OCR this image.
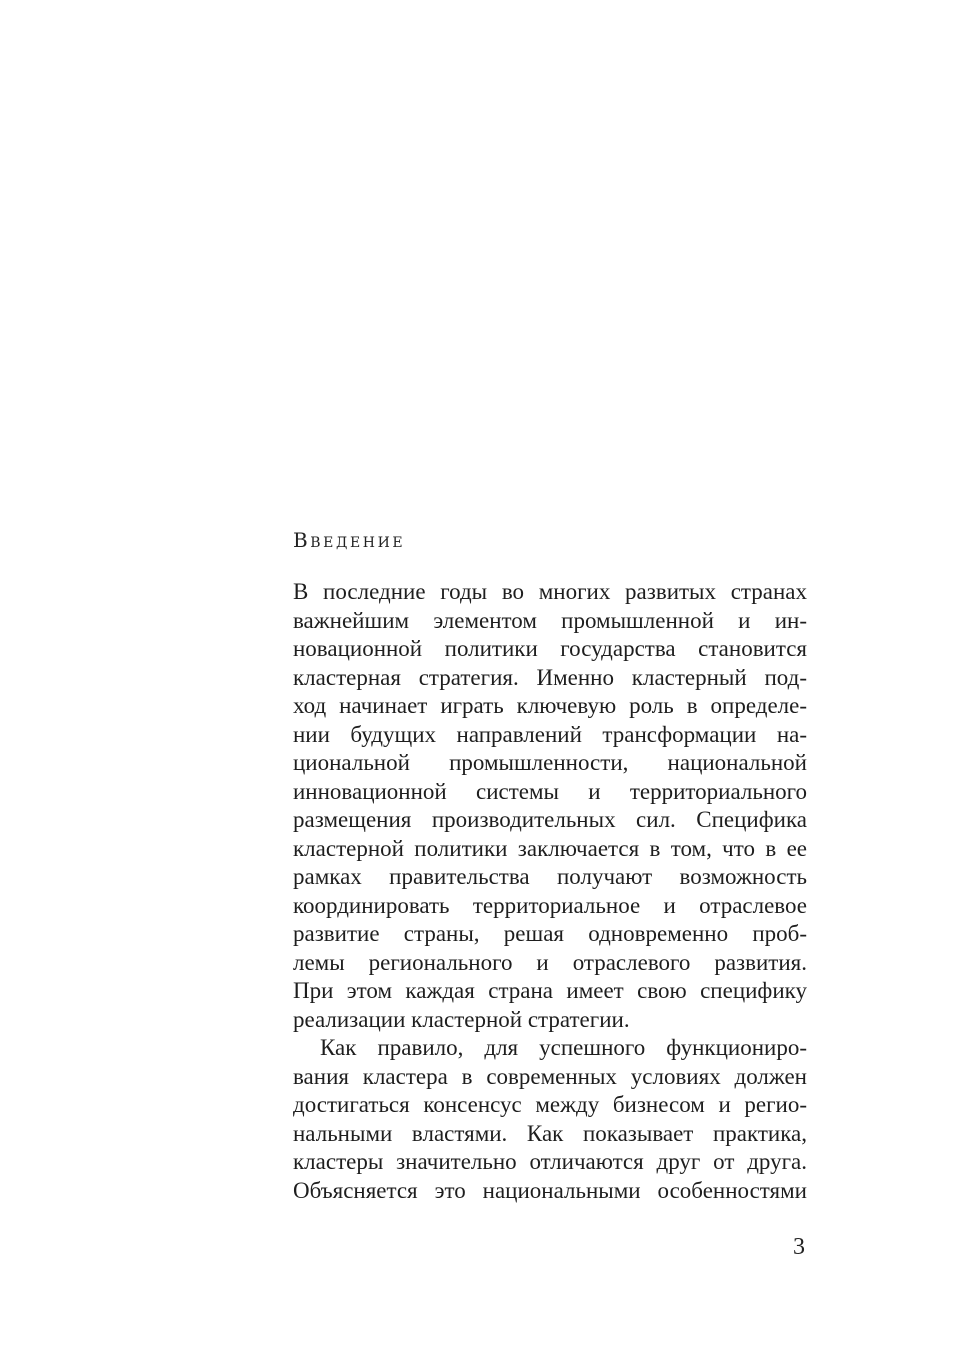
Введение
В последние годы во многих развитых странах
важнейшим элементом промышленной и ин-
новационной политики государства становится
кластерная стратегия. Именно кластерный под-
ход начинает играть ключевую роль в определе-
нии будущих направлений трансформации на-
циональной промышленности, национальной
инновационной системы и территориального
размещения производительных сил. Специфика
кластерной политики заключается в том, что в ее
рамках правительства получают возможность
координировать территориальное и отраслевое
развитие страны, решая одновременно проб-
лемы регионального и отраслевого развития.
При этом каждая страна имеет свою специфику
реализации кластерной стратегии.
Как правило, для успешного функциониро-
вания кластера в современных условиях должен
достигаться консенсус между бизнесом и регио-
нальными властями. Как показывает практика,
кластеры значительно отличаются друг от друга.
Объясняется это национальными особенностями
3
